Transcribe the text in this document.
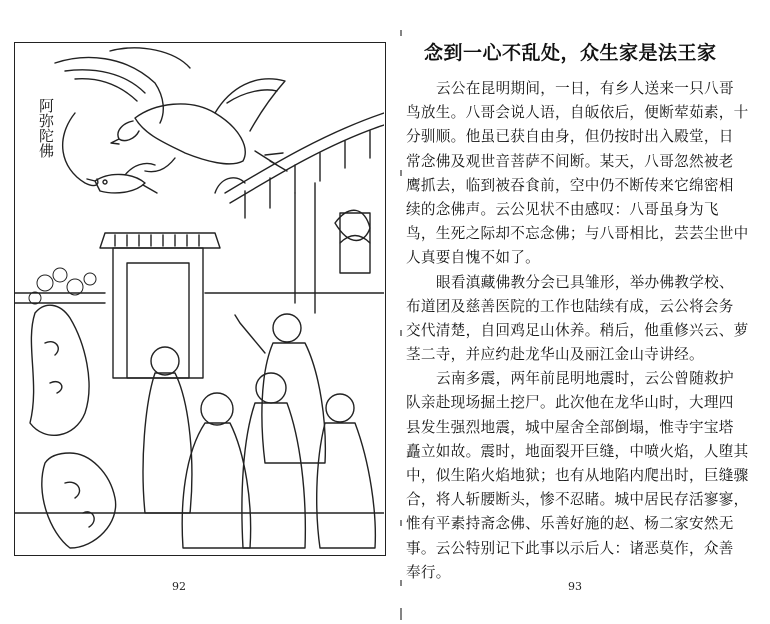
阿弥陀佛
92
念到一心不乱处，众生家是法王家
云公在昆明期间，一日，有乡人送来一只八哥
鸟放生。八哥会说人语，自皈依后，便断荤茹素，十
分驯顺。他虽已获自由身，但仍按时出入殿堂，日
常念佛及观世音菩萨不间断。某天，八哥忽然被老
鹰抓去，临到被吞食前，空中仍不断传来它绵密相
续的念佛声。云公见状不由感叹：八哥虽身为飞
鸟，生死之际却不忘念佛；与八哥相比，芸芸尘世中
人真要自愧不如了。
眼看滇藏佛教分会已具雏形，举办佛教学校、
布道团及慈善医院的工作也陆续有成，云公将会务
交代清楚，自回鸡足山休养。稍后，他重修兴云、萝
茎二寺，并应约赴龙华山及丽江金山寺讲经。
云南多震，两年前昆明地震时，云公曾随救护
队亲赴现场掘土挖尸。此次他在龙华山时，大理四
县发生强烈地震，城中屋舍全部倒塌，惟寺宇宝塔
矗立如故。震时，地面裂开巨缝，中喷火焰，人堕其
中，似生陷火焰地狱；也有从地陷内爬出时，巨缝骤
合，将人斩腰断头，惨不忍睹。城中居民存活寥寥，
惟有平素持斋念佛、乐善好施的赵、杨二家安然无
事。云公特别记下此事以示后人：诸恶莫作，众善
奉行。
93
